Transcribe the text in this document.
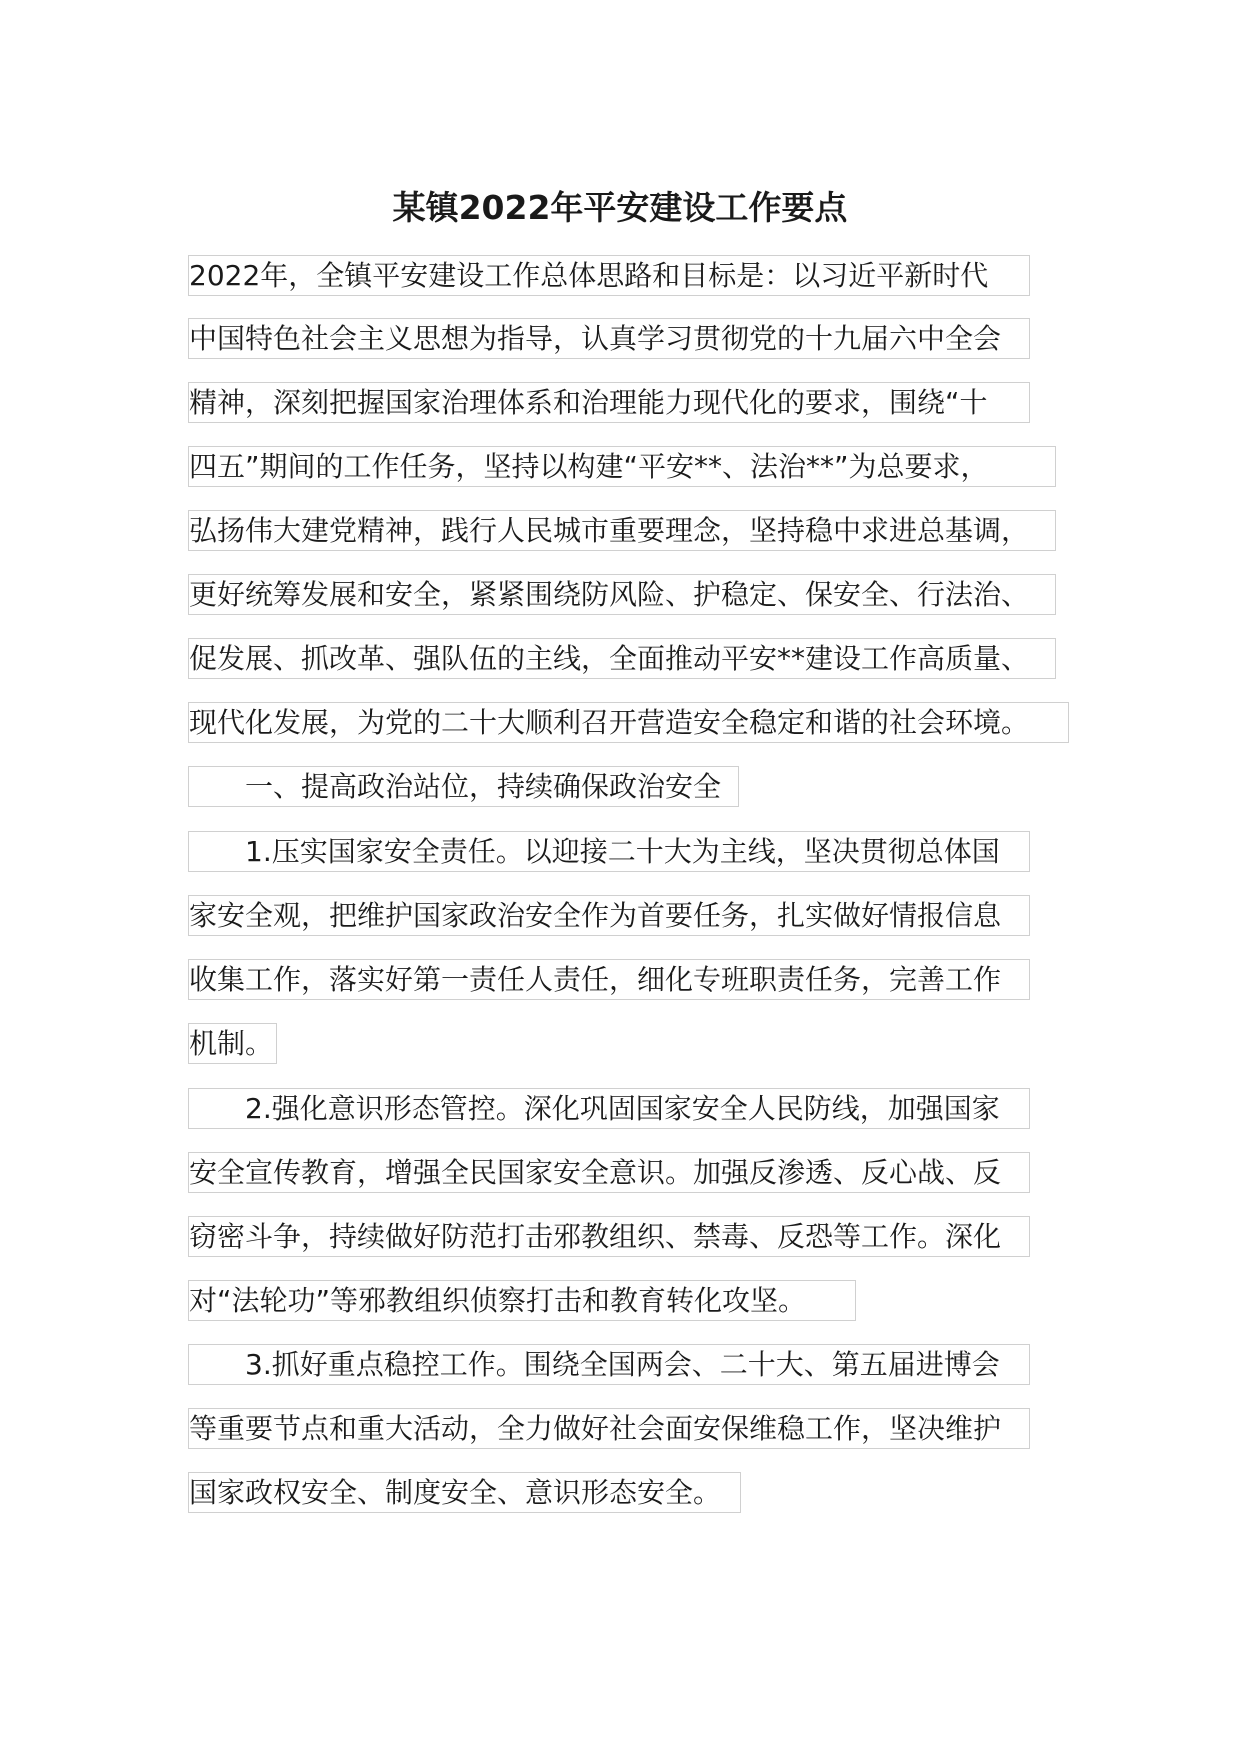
某镇2022年平安建设工作要点
2022年，全镇平安建设工作总体思路和目标是：以习近平新时代
中国特色社会主义思想为指导，认真学习贯彻党的十九届六中全会
精神，深刻把握国家治理体系和治理能力现代化的要求，围绕“十
四五”期间的工作任务，坚持以构建“平安**、法治**”为总要求，
弘扬伟大建党精神，践行人民城市重要理念，坚持稳中求进总基调，
更好统筹发展和安全，紧紧围绕防风险、护稳定、保安全、行法治、
促发展、抓改革、强队伍的主线，全面推动平安**建设工作高质量、
现代化发展，为党的二十大顺利召开营造安全稳定和谐的社会环境。
一、提高政治站位，持续确保政治安全
1.压实国家安全责任。以迎接二十大为主线，坚决贯彻总体国
家安全观，把维护国家政治安全作为首要任务，扎实做好情报信息
收集工作，落实好第一责任人责任，细化专班职责任务，完善工作
机制。
2.强化意识形态管控。深化巩固国家安全人民防线，加强国家
安全宣传教育，增强全民国家安全意识。加强反渗透、反心战、反
窃密斗争，持续做好防范打击邪教组织、禁毒、反恐等工作。深化
对“法轮功”等邪教组织侦察打击和教育转化攻坚。
3.抓好重点稳控工作。围绕全国两会、二十大、第五届进博会
等重要节点和重大活动，全力做好社会面安保维稳工作，坚决维护
国家政权安全、制度安全、意识形态安全。
